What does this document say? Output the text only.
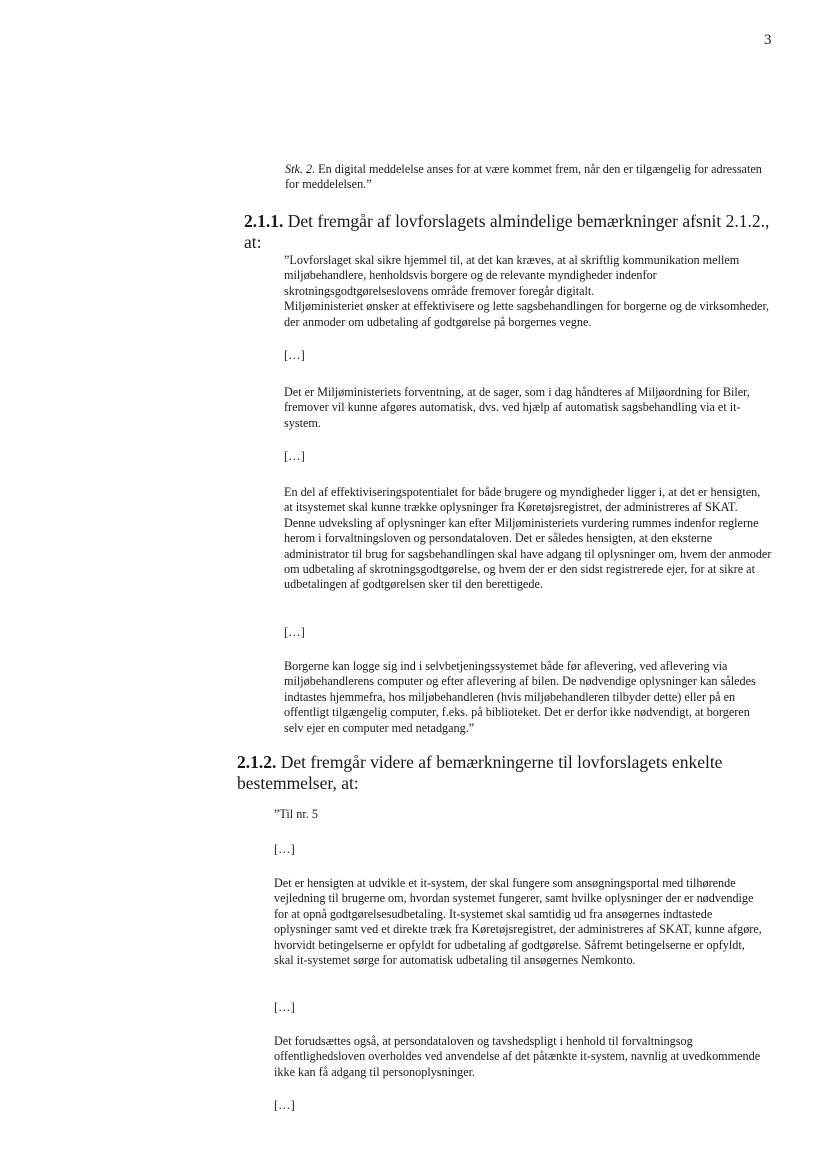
3

Stk. 2. En digital meddelelse anses for at være kommet frem, når den er tilgængelig for adressaten for meddelelsen.”

2.1.1. Det fremgår af lovforslagets almindelige bemærkninger afsnit 2.1.2., at:

”Lovforslaget skal sikre hjemmel til, at det kan kræves, at al skriftlig kommunikation mellem miljøbehandlere, henholdsvis borgere og de relevante myndigheder indenfor skrotningsgodtgørelseslovens område fremover foregår digitalt.

Miljøministeriet ønsker at effektivisere og lette sagsbehandlingen for borgerne og de virksomheder, der anmoder om udbetaling af godtgørelse på borgernes vegne.

[…]
Det er Miljøministeriets forventning, at de sager, som i dag håndteres af Miljøordning for Biler, fremover vil kunne afgøres automatisk, dvs. ved hjælp af automatisk sagsbehandling via et it-system.
[…]
En del af effektiviseringspotentialet for både brugere og myndigheder ligger i, at det er hensigten, at itsystemet skal kunne trække oplysninger fra Køretøjsregistret, der administreres af SKAT. Denne udveksling af oplysninger kan efter Miljøministeriets vurdering rummes indenfor reglerne herom i forvaltningsloven og persondataloven. Det er således hensigten, at den eksterne administrator til brug for sagsbehandlingen skal have adgang til oplysninger om, hvem der anmoder om udbetaling af skrotningsgodtgørelse, og hvem der er den sidst registrerede ejer, for at sikre at udbetalingen af godtgørelsen sker til den berettigede.
[…]
Borgerne kan logge sig ind i selvbetjeningssystemet både før aflevering, ved aflevering via miljøbehandlerens computer og efter aflevering af bilen. De nødvendige oplysninger kan således indtastes hjemmefra, hos miljøbehandleren (hvis miljøbehandleren tilbyder dette) eller på en offentligt tilgængelig computer, f.eks. på biblioteket. Det er derfor ikke nødvendigt, at borgeren selv ejer en computer med netadgang.”
2.1.2. Det fremgår videre af bemærkningerne til lovforslagets enkelte bestemmelser, at:
”Til nr. 5
[…]
Det er hensigten at udvikle et it-system, der skal fungere som ansøgningsportal med tilhørende vejledning til brugerne om, hvordan systemet fungerer, samt hvilke oplysninger der er nødvendige for at opnå godtgørelsesudbetaling. It-systemet skal samtidig ud fra ansøgernes indtastede oplysninger samt ved et direkte træk fra Køretøjsregistret, der administreres af SKAT, kunne afgøre, hvorvidt betingelserne er opfyldt for udbetaling af godtgørelse. Såfremt betingelserne er opfyldt, skal it-systemet sørge for automatisk udbetaling til ansøgernes Nemkonto.
[…]
Det forudsættes også, at persondataloven og tavshedspligt i henhold til forvaltningsog offentlighedsloven overholdes ved anvendelse af det påtænkte it-system, navnlig at uvedkommende ikke kan få adgang til personoplysninger.
[…]
